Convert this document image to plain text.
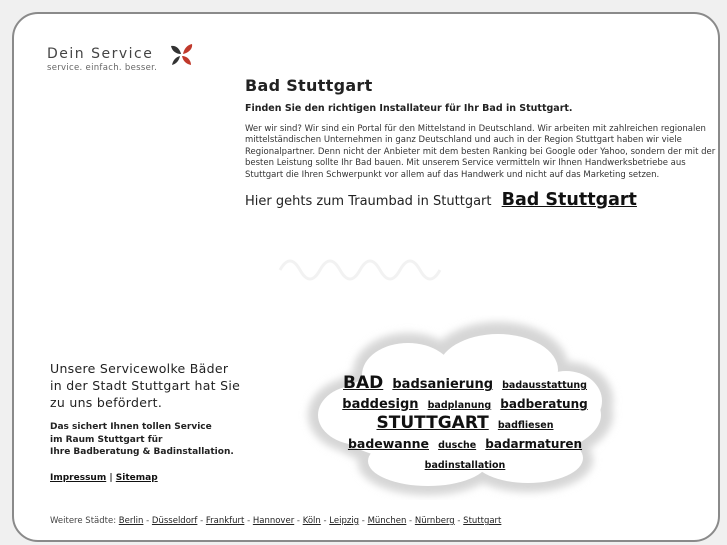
Dein Service
service. einfach. besser.
Bad Stuttgart

Finden Sie den richtigen Installateur für Ihr Bad in Stuttgart.

Wer wir sind? Wir sind ein Portal für den Mittelstand in Deutschland. Wir arbeiten mit zahlreichen regionalen mittelständischen Unternehmen in ganz Deutschland und auch in der Region Stuttgart haben wir viele Regionalpartner. Denn nicht der Anbieter mit dem besten Ranking bei Google oder Yahoo, sondern der mit der besten Leistung sollte Ihr Bad bauen. Mit unserem Service vermitteln wir Ihnen Handwerksbetriebe aus Stuttgart die Ihren Schwerpunkt vor allem auf das Handwerk und nicht auf das Marketing setzen.

Hier gehts zum Traumbad in Stuttgart Bad Stuttgart

Unsere Servicewolke Bäder
in der Stadt Stuttgart hat Sie
zu uns befördert.

Das sichert Ihnen tollen Service
im Raum Stuttgart für
Ihre Badberatung & Badinstallation.

Impressum | Sitemap
BAD badsanierung badausstattung baddesign badplanung badberatung STUTTGART badfliesen badewanne dusche badarmaturen badinstallation
Weitere Städte: Berlin - Düsseldorf - Frankfurt - Hannover - Köln - Leipzig - München - Nürnberg - Stuttgart
